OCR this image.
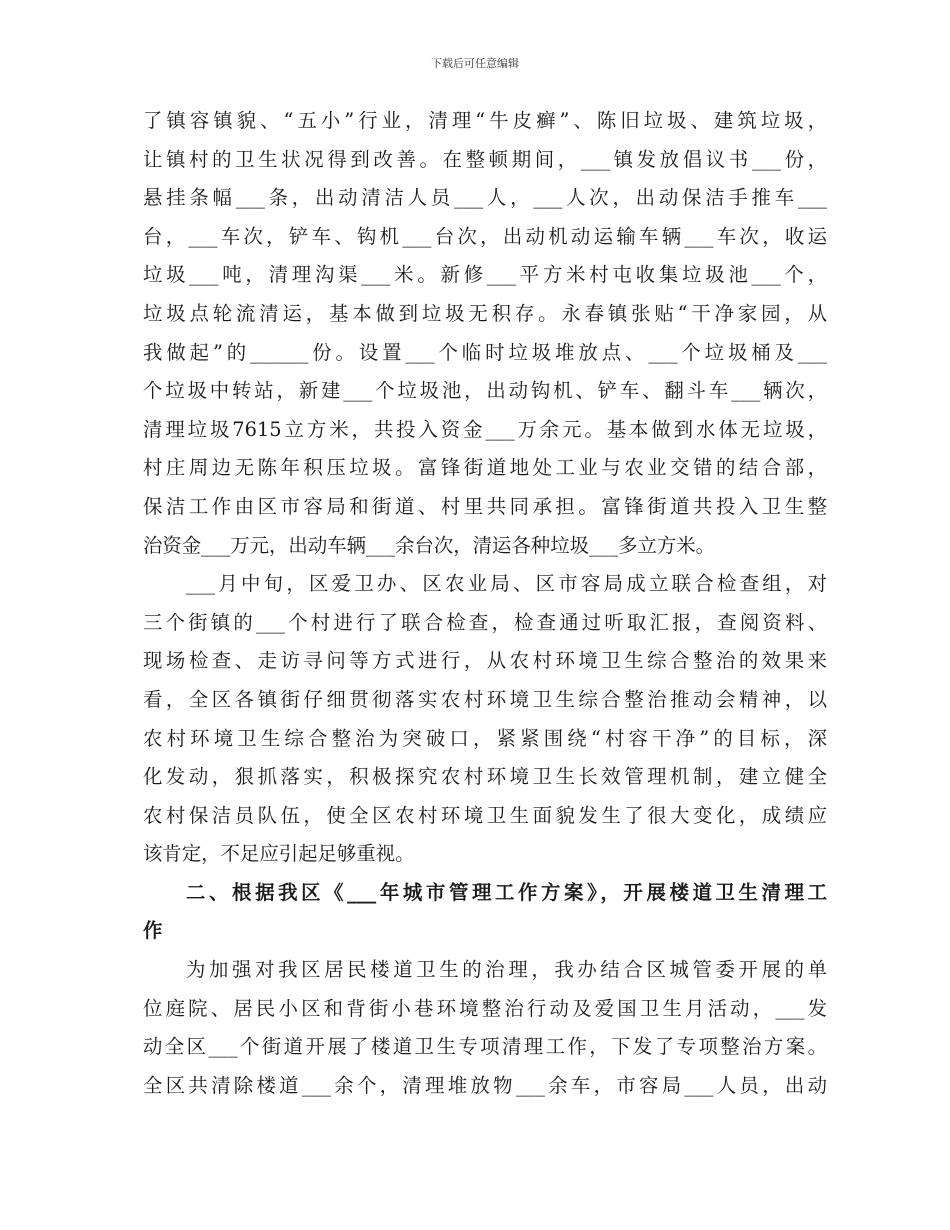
下载后可任意编辑
了镇容镇貌、“五小”行业，清理“牛皮癣”、陈旧垃圾、建筑垃圾，
让镇村的卫生状况得到改善。在整顿期间，___镇发放倡议书___份，
悬挂条幅___条，出动清洁人员___人，___人次，出动保洁手推车___
台，___车次，铲车、钩机___台次，出动机动运输车辆___车次，收运
垃圾___吨，清理沟渠___米。新修___平方米村屯收集垃圾池___个，
垃圾点轮流清运，基本做到垃圾无积存。永春镇张贴“干净家园，从
我做起”的______份。设置___个临时垃圾堆放点、___个垃圾桶及___
个垃圾中转站，新建___个垃圾池，出动钩机、铲车、翻斗车___辆次，
清理垃圾7615立方米，共投入资金___万余元。基本做到水体无垃圾，
村庄周边无陈年积压垃圾。富锋街道地处工业与农业交错的结合部，
保洁工作由区市容局和街道、村里共同承担。富锋街道共投入卫生整
治资金___万元，出动车辆___余台次，清运各种垃圾___多立方米。
___月中旬，区爱卫办、区农业局、区市容局成立联合检查组，对
三个街镇的___个村进行了联合检查，检查通过听取汇报，查阅资料、
现场检查、走访寻问等方式进行，从农村环境卫生综合整治的效果来
看，全区各镇街仔细贯彻落实农村环境卫生综合整治推动会精神，以
农村环境卫生综合整治为突破口，紧紧围绕“村容干净”的目标，深
化发动，狠抓落实，积极探究农村环境卫生长效管理机制，建立健全
农村保洁员队伍，使全区农村环境卫生面貌发生了很大变化，成绩应
该肯定，不足应引起足够重视。
二、根据我区《___年城市管理工作方案》，开展楼道卫生清理工
作
为加强对我区居民楼道卫生的治理，我办结合区城管委开展的单
位庭院、居民小区和背街小巷环境整治行动及爱国卫生月活动，___发
动全区___个街道开展了楼道卫生专项清理工作，下发了专项整治方案。
全区共清除楼道___余个，清理堆放物___余车，市容局___人员，出动
